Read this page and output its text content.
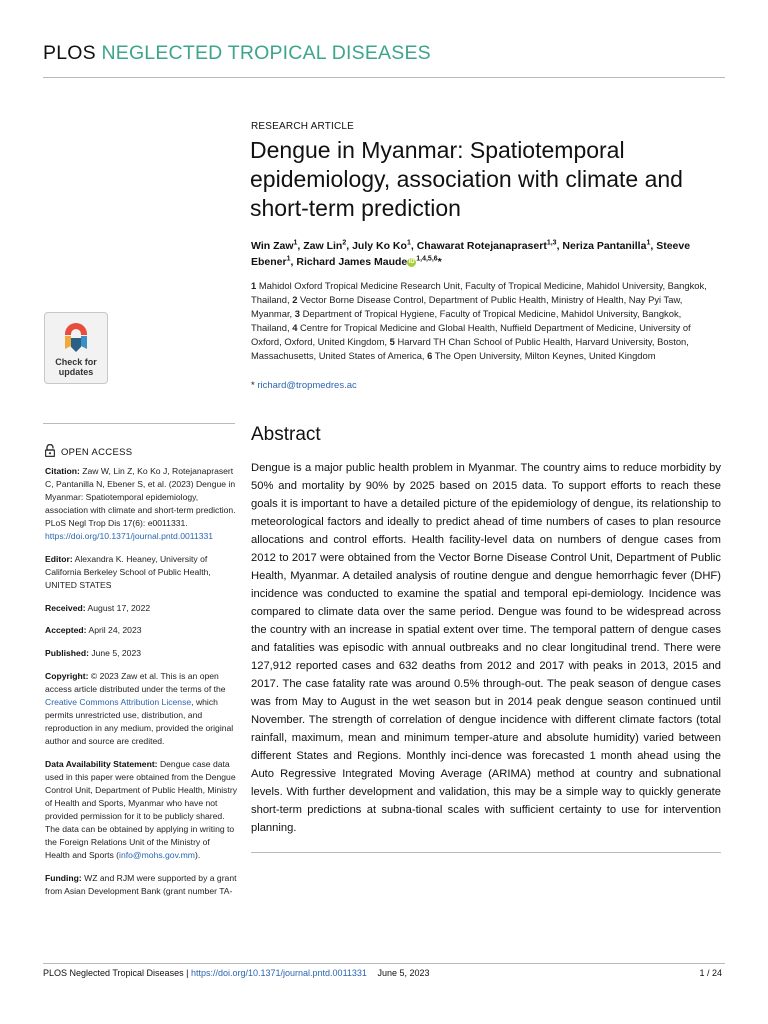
PLOS NEGLECTED TROPICAL DISEASES
RESEARCH ARTICLE
Dengue in Myanmar: Spatiotemporal epidemiology, association with climate and short-term prediction
Win Zaw$^1$, Zaw Lin$^2$, July Ko Ko$^1$, Chawarat Rotejanaprasert$^{1,3}$, Neriza Pantanilla$^1$, Steeve Ebener$^1$, Richard James Maude iD $^{1,4,5,6}$*
1 Mahidol Oxford Tropical Medicine Research Unit, Faculty of Tropical Medicine, Mahidol University, Bangkok, Thailand, 2 Vector Borne Disease Control, Department of Public Health, Ministry of Health, Nay Pyi Taw, Myanmar, 3 Department of Tropical Hygiene, Faculty of Tropical Medicine, Mahidol University, Bangkok, Thailand, 4 Centre for Tropical Medicine and Global Health, Nuffield Department of Medicine, University of Oxford, Oxford, United Kingdom, 5 Harvard TH Chan School of Public Health, Harvard University, Boston, Massachusetts, United States of America, 6 The Open University, Milton Keynes, United Kingdom
* richard@tropmedres.ac
Check for
updates
OPEN ACCESS

Citation: Zaw W, Lin Z, Ko Ko J, Rotejanaprasert C, Pantanilla N, Ebener S, et al. (2023) Dengue in Myanmar: Spatiotemporal epidemiology, association with climate and short-term prediction. PLoS Negl Trop Dis 17(6): e0011331. https://doi.org/10.1371/journal.pntd.0011331

Editor: Alexandra K. Heaney, University of California Berkeley School of Public Health, UNITED STATES

Received: August 17, 2022

Accepted: April 24, 2023

Published: June 5, 2023

Copyright: © 2023 Zaw et al. This is an open access article distributed under the terms of the Creative Commons Attribution License, which permits unrestricted use, distribution, and reproduction in any medium, provided the original author and source are credited.

Data Availability Statement: Dengue case data used in this paper were obtained from the Dengue Control Unit, Department of Public Health, Ministry of Health and Sports, Myanmar who have not provided permission for it to be publicly shared. The data can be obtained by applying in writing to the Foreign Relations Unit of the Ministry of Health and Sports (info@mohs.gov.mm).

Funding: WZ and RJM were supported by a grant from Asian Development Bank (grant number TA-

Abstract

Dengue is a major public health problem in Myanmar. The country aims to reduce morbidity by 50% and mortality by 90% by 2025 based on 2015 data. To support efforts to reach these goals it is important to have a detailed picture of the epidemiology of dengue, its relationship to meteorological factors and ideally to predict ahead of time numbers of cases to plan resource allocations and control efforts. Health facility-level data on numbers of dengue cases from 2012 to 2017 were obtained from the Vector Borne Disease Control Unit, Department of Public Health, Myanmar. A detailed analysis of routine dengue and dengue hemorrhagic fever (DHF) incidence was conducted to examine the spatial and temporal epi-demiology. Incidence was compared to climate data over the same period. Dengue was found to be widespread across the country with an increase in spatial extent over time. The temporal pattern of dengue cases and fatalities was episodic with annual outbreaks and no clear longitudinal trend. There were 127,912 reported cases and 632 deaths from 2012 and 2017 with peaks in 2013, 2015 and 2017. The case fatality rate was around 0.5% through-out. The peak season of dengue cases was from May to August in the wet season but in 2014 peak dengue season continued until November. The strength of correlation of dengue incidence with different climate factors (total rainfall, maximum, mean and minimum temper-ature and absolute humidity) varied between different States and Regions. Monthly inci-dence was forecasted 1 month ahead using the Auto Regressive Integrated Moving Average (ARIMA) method at country and subnational levels. With further development and validation, this may be a simple way to quickly generate short-term predictions at subna-tional scales with sufficient certainty to use for intervention planning.

PLOS Neglected Tropical Diseases | https://doi.org/10.1371/journal.pntd.0011331 June 5, 2023	1 / 24
